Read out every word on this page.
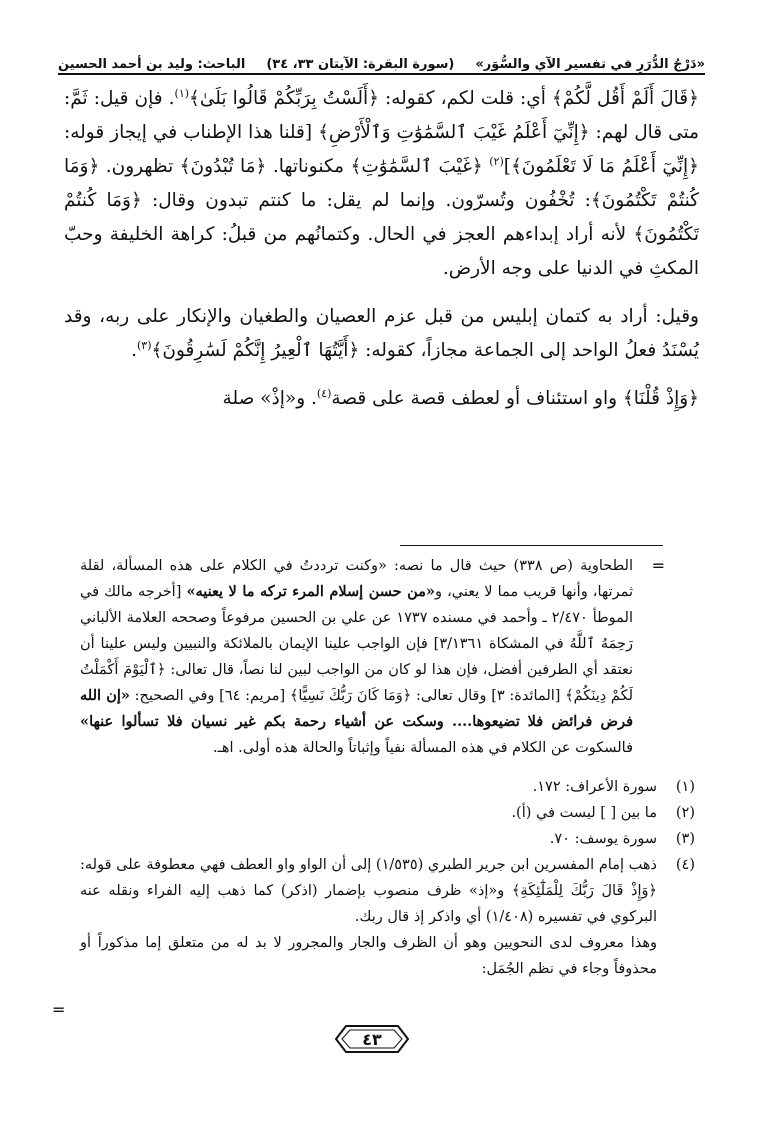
«دَرْجُ الدُّرَرِ في تفسير الآي والسُّوَر»
(سورة البقرة: الآيتان ٣٣، ٣٤)
الباحث: وليد بن أحمد الحسين

﴿قَالَ أَلَمْ أَقُل لَّكُمْ﴾ أي: قلت لكم، كقوله: ﴿أَلَسْتُ بِرَبِّكُمْ قَالُوا بَلَىٰ﴾$^{(١)}$. فإن قيل: ثَمَّ: متى قال لهم: ﴿إِنِّيٓ أَعْلَمُ غَيْبَ ٱلسَّمَٰوَٰتِ وَٱلْأَرْضِ﴾ [قلنا هذا الإطناب في إيجاز قوله: ﴿إِنِّيٓ أَعْلَمُ مَا لَا تَعْلَمُونَ﴾]$^{(٢)}$ ﴿غَيْبَ ٱلسَّمَٰوَٰتِ﴾ مكنوناتها. ﴿مَا تُبْدُونَ﴾ تظهرون. ﴿وَمَا كُنتُمْ تَكْتُمُونَ﴾: تُخْفُون وتُسرّون. وإنما لم يقل: ما كنتم تبدون وقال: ﴿وَمَا كُنتُمْ تَكْتُمُونَ﴾ لأنه أراد إبداءهم العجز في الحال. وكتمانُهم من قبلُ: كراهة الخليفة وحبّ المكثِ في الدنيا على وجه الأرض.

وقيل: أراد به كتمان إبليس من قبل عزم العصيان والطغيان والإنكار على ربه، وقد يُسْنَدُ فعلُ الواحد إلى الجماعة مجازاً، كقوله: ﴿أَيَّتُهَا ٱلْعِيرُ إِنَّكُمْ لَسَٰرِقُونَ﴾$^{(٣)}$.

﴿وَإِذْ قُلْنَا﴾ واو استئناف أو لعطف قصة على قصة$^{(٤)}$. و«إذْ» صلة

=
الطحاوية (ص ٣٣٨) حيث قال ما نصه: «وكنت ترددتُ في الكلام على هذه المسألة، لقلة ثمرتها، وأنها قريب مما لا يعني، و«من حسن إسلام المرء تركه ما لا يعنيه» [أخرجه مالك في الموطأ ٢/٤٧٠ ـ وأحمد في مسنده ١٧٣٧ عن علي بن الحسين مرفوعاً وصححه العلامة الألباني رَحِمَهُ ٱللَّهُ في المشكاة ٣/١٣٦١] فإن الواجب علينا الإيمان بالملائكة والنبيين وليس علينا أن نعتقد أي الطرفين أفضل، فإن هذا لو كان من الواجب لبين لنا نصاً، قال تعالى: ﴿ٱلْيَوْمَ أَكْمَلْتُ لَكُمْ دِينَكُمْ﴾ [المائدة: ٣] وقال تعالى: ﴿وَمَا كَانَ رَبُّكَ نَسِيًّا﴾ [مريم: ٦٤] وفي الصحيح: «إن الله فرض فرائض فلا تضيعوها.... وسكت عن أشياء رحمة بكم غير نسيان فلا تسألوا عنها» فالسكوت عن الكلام في هذه المسألة نفياً وإثباتاً والحالة هذه أولى. اهـ.
(١)
سورة الأعراف: ١٧٢.
(٢)
ما بين [ ] ليست في (أ).
(٣)
سورة يوسف: ٧٠.
(٤)
ذهب إمام المفسرين ابن جرير الطبري (١/٥٣٥) إلى أن الواو واو العطف فهي معطوفة على قوله: ﴿وَإِذْ قَالَ رَبُّكَ لِلْمَلَٰٓئِكَةِ﴾ و«إذ» ظرف منصوب بإضمار (اذكر) كما ذهب إليه الفراء ونقله عنه البركوي في تفسيره (١/٤٠٨) أي واذكر إذ قال ربك.
وهذا معروف لدى النحويين وهو أن الظرف والجار والمجرور لا بد له من متعلق إما مذكوراً أو محذوفاً وجاء في نظم الجُمَل:
=
٤٣
